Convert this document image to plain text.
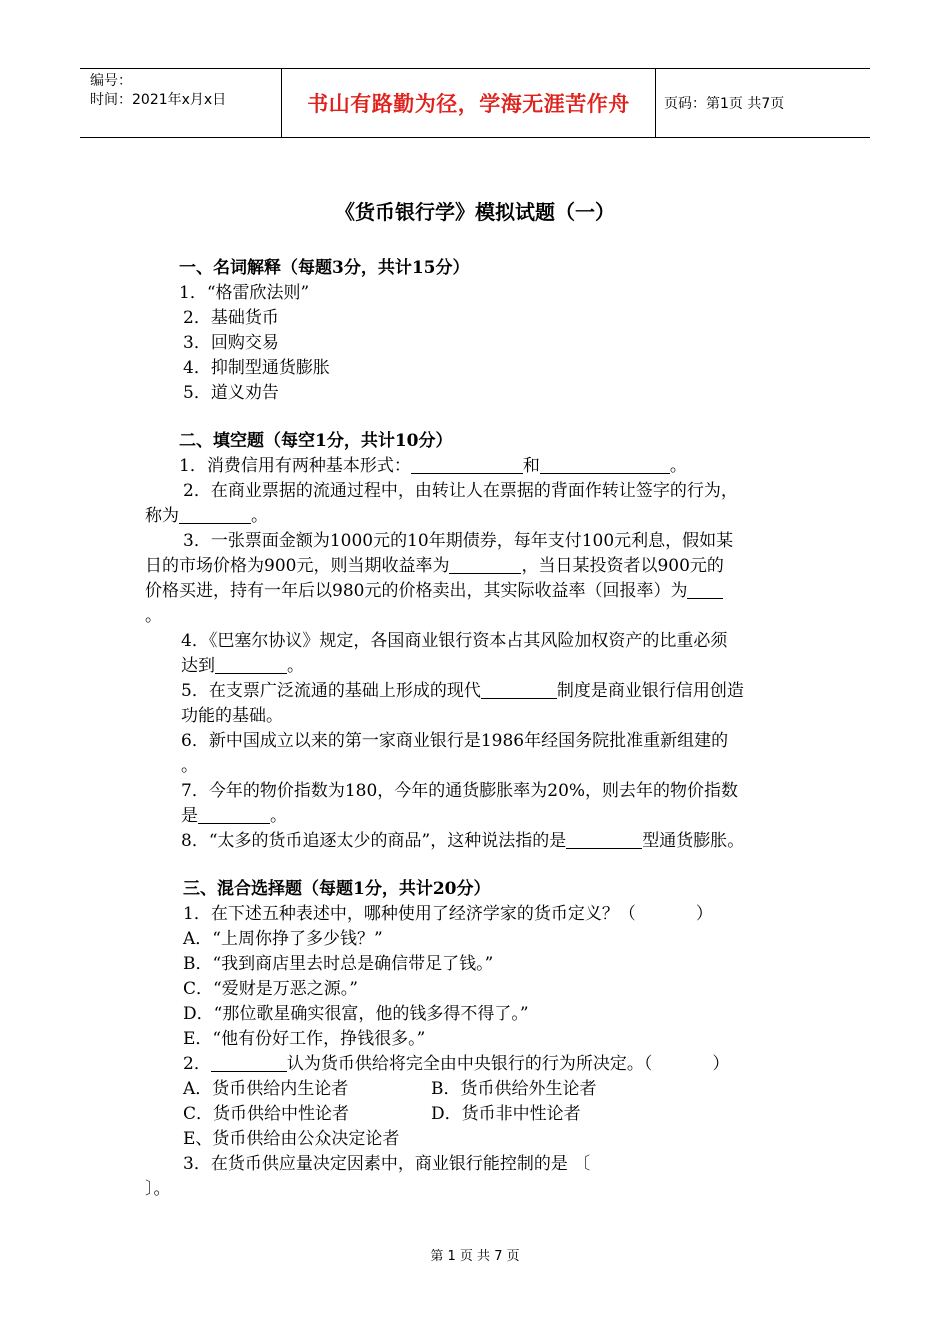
编号：
时间：2021年x月x日	书山有路勤为径，学海无涯苦作舟	页码：第1页 共7页
《货币银行学》模拟试题（一）
一、名词解释（每题3分，共计15分）
1．“格雷欣法则”
2．基础货币
3．回购交易
4．抑制型通货膨胀
5．道义劝告
二、填空题（每空1分，共计10分）
1．消费信用有两种基本形式：	和	。
2．在商业票据的流通过程中，由转让人在票据的背面作转让签字的行为，
称为	。
3．一张票面金额为1000元的10年期债券，每年支付100元利息，假如某
日的市场价格为900元，则当期收益率为	，当日某投资者以900元的
价格买进，持有一年后以980元的价格卖出，其实际收益率（回报率）为
。
4．《巴塞尔协议》规定，各国商业银行资本占其风险加权资产的比重必须
达到	。
5．在支票广泛流通的基础上形成的现代	制度是商业银行信用创造
功能的基础。
6．新中国成立以来的第一家商业银行是1986年经国务院批准重新组建的
。
7．今年的物价指数为180，今年的通货膨胀率为20%，则去年的物价指数
是	。
8．“太多的货币追逐太少的商品”，这种说法指的是	型通货膨胀。
三、混合选择题（每题1分，共计20分）
1．在下述五种表述中，哪种使用了经济学家的货币定义？（	）
A．“上周你挣了多少钱？”
B．“我到商店里去时总是确信带足了钱。”
C．“爱财是万恶之源。”
D．“那位歌星确实很富，他的钱多得不得了。”
E．“他有份好工作，挣钱很多。”
2．	认为货币供给将完全由中央银行的行为所决定。（	）
A．货币供给内生论者	B．货币供给外生论者
C．货币供给中性论者	D．货币非中性论者
E、货币供给由公众决定论者
3．在货币供应量决定因素中，商业银行能控制的是 〔
〕。
第 1 页 共 7 页
